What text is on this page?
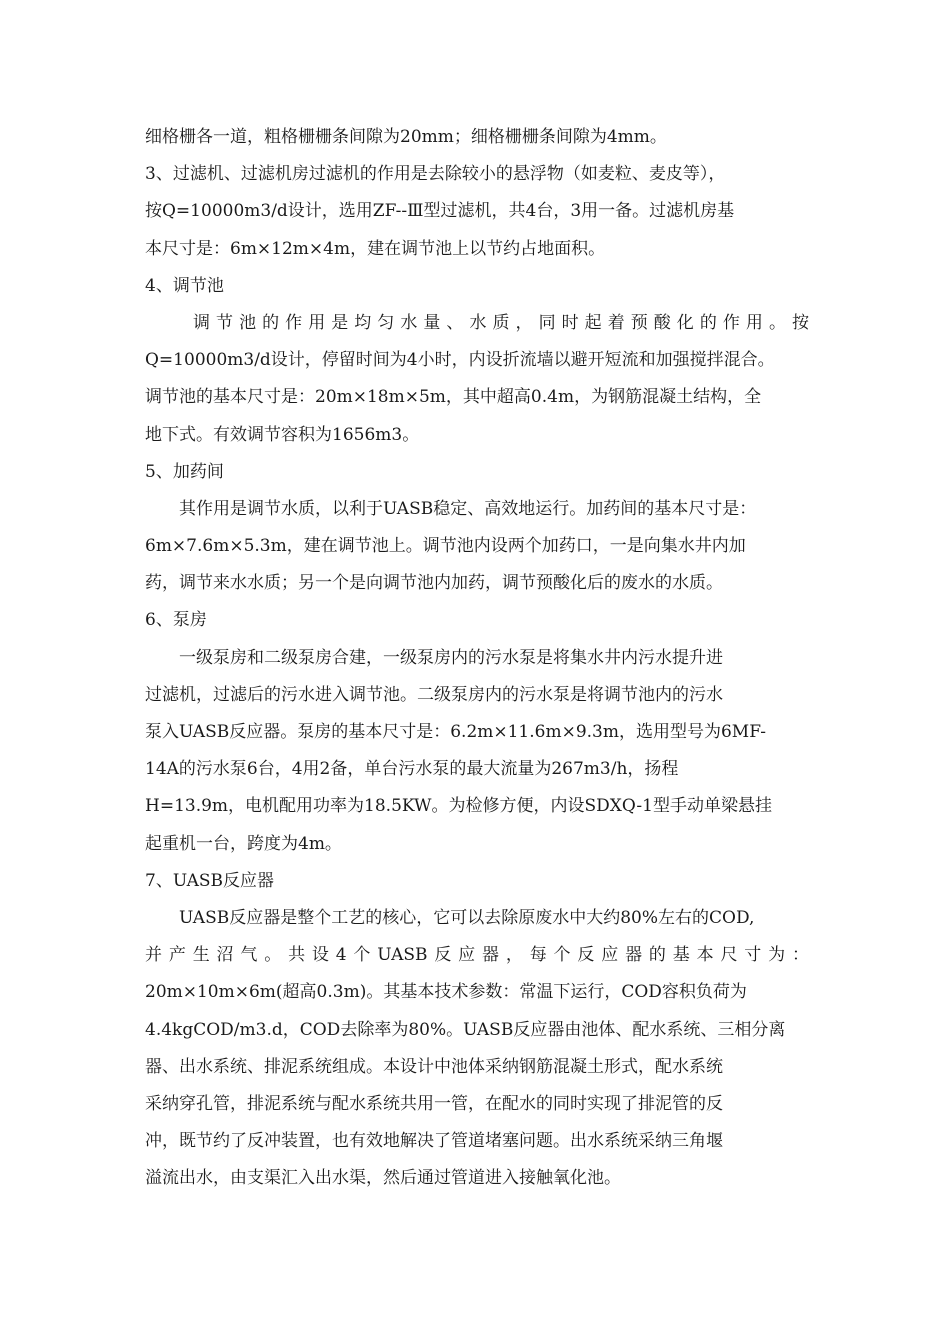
细格栅各一道，粗格栅栅条间隙为20mm；细格栅栅条间隙为4mm。
3、过滤机、过滤机房过滤机的作用是去除较小的悬浮物（如麦粒、麦皮等），
按Q=10000m3/d设计，选用ZF--Ⅲ型过滤机，共4台，3用一备。过滤机房基
本尺寸是：6m×12m×4m，建在调节池上以节约占地面积。
4、调节池
调节池的作用是均匀水量、水质，同时起着预酸化的作用。按
Q=10000m3/d设计，停留时间为4小时，内设折流墙以避开短流和加强搅拌混合。
调节池的基本尺寸是：20m×18m×5m，其中超高0.4m，为钢筋混凝土结构，全
地下式。有效调节容积为1656m3。
5、加药间
其作用是调节水质，以利于UASB稳定、高效地运行。加药间的基本尺寸是：
6m×7.6m×5.3m，建在调节池上。调节池内设两个加药口，一是向集水井内加
药，调节来水水质；另一个是向调节池内加药，调节预酸化后的废水的水质。
6、泵房
一级泵房和二级泵房合建，一级泵房内的污水泵是将集水井内污水提升进
过滤机，过滤后的污水进入调节池。二级泵房内的污水泵是将调节池内的污水
泵入UASB反应器。泵房的基本尺寸是：6.2m×11.6m×9.3m，选用型号为6MF-
14A的污水泵6台，4用2备，单台污水泵的最大流量为267m3/h，扬程
H=13.9m，电机配用功率为18.5KW。为检修方便，内设SDXQ-1型手动单梁悬挂
起重机一台，跨度为4m。
7、UASB反应器
UASB反应器是整个工艺的核心，它可以去除原废水中大约80%左右的COD,
并产生沼气。共设4个UASB反应器，每个反应器的基本尺寸为：
20m×10m×6m(超高0.3m)。其基本技术参数：常温下运行，COD容积负荷为
4.4kgCOD/m3.d，COD去除率为80%。UASB反应器由池体、配水系统、三相分离
器、出水系统、排泥系统组成。本设计中池体采纳钢筋混凝土形式，配水系统
采纳穿孔管，排泥系统与配水系统共用一管，在配水的同时实现了排泥管的反
冲，既节约了反冲装置，也有效地解决了管道堵塞问题。出水系统采纳三角堰
溢流出水，由支渠汇入出水渠，然后通过管道进入接触氧化池。
